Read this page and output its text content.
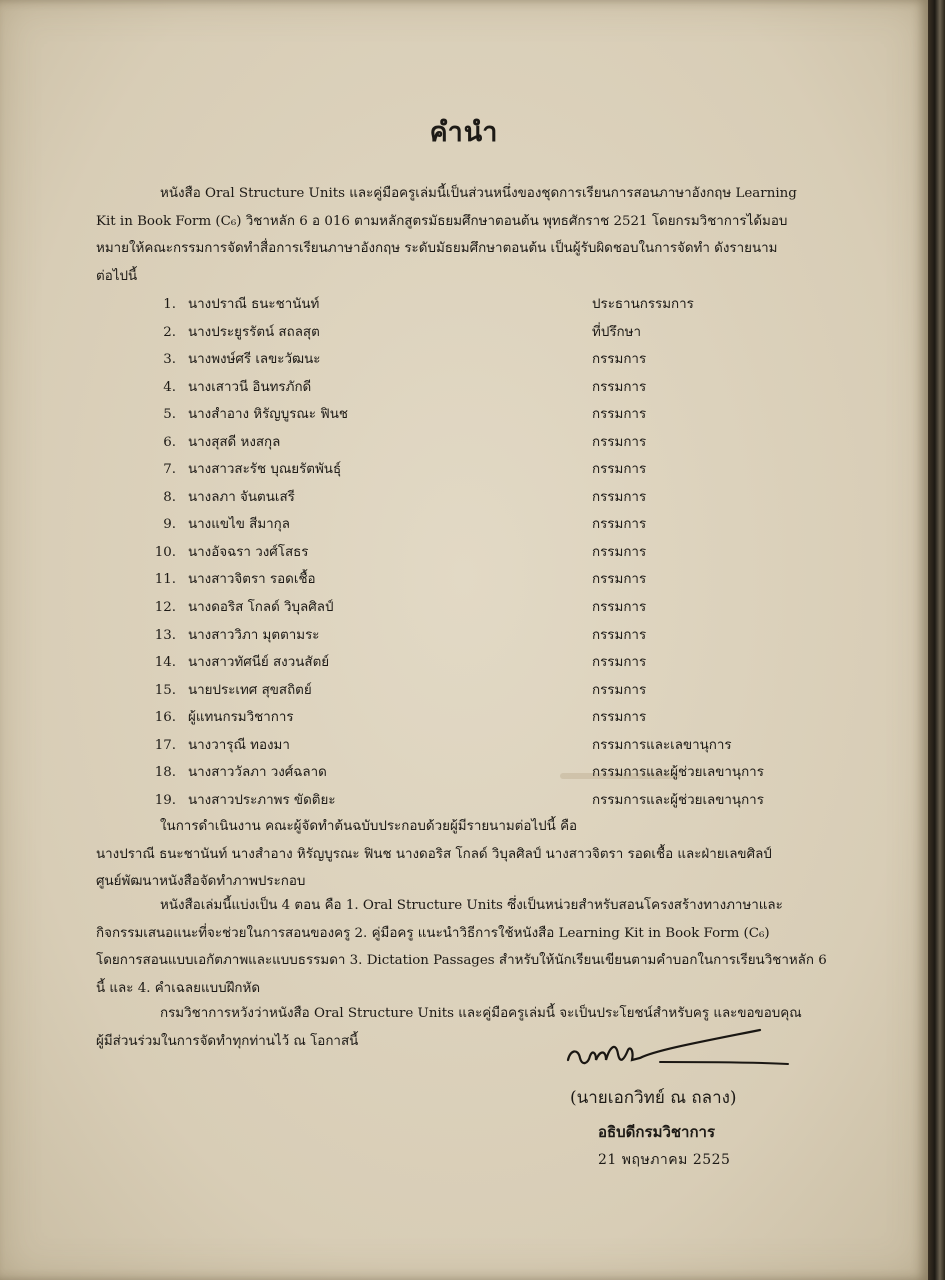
คำนำ
หนังสือ Oral Structure Units และคู่มือครูเล่มนี้เป็นส่วนหนึ่งของชุดการเรียนการสอนภาษาอังกฤษ Learning
Kit in Book Form (C₆) วิชาหลัก 6 อ 016 ตามหลักสูตรมัธยมศึกษาตอนต้น พุทธศักราช 2521 โดยกรมวิชาการได้มอบ
หมายให้คณะกรรมการจัดทำสื่อการเรียนภาษาอังกฤษ ระดับมัธยมศึกษาตอนต้น เป็นผู้รับผิดชอบในการจัดทำ ดังรายนาม
ต่อไปนี้
1. นางปราณี ธนะชานันท์	ประธานกรรมการ
2. นางประยูรรัตน์ สถลสุต	ที่ปรึกษา
3. นางพงษ์ศรี เลขะวัฒนะ	กรรมการ
4. นางเสาวนี อินทรภักดี	กรรมการ
5. นางสำอาง หิรัญบูรณะ ฟินช	กรรมการ
6. นางสุสดี หงสกุล	กรรมการ
7. นางสาวสะรัช บุณยรัตพันธุ์	กรรมการ
8. นางลภา จันตนเสรี	กรรมการ
9. นางแขไข สีมากุล	กรรมการ
10. นางอัจฉรา วงศ์โสธร	กรรมการ
11. นางสาวจิตรา รอดเชื้อ	กรรมการ
12. นางดอริส โกลด์ วิบุลศิลป์	กรรมการ
13. นางสาววิภา มุตตามระ	กรรมการ
14. นางสาวทัศนีย์ สงวนสัตย์	กรรมการ
15. นายประเทศ สุขสถิตย์	กรรมการ
16. ผู้แทนกรมวิชาการ	กรรมการ
17. นางวารุณี ทองมา	กรรมการและเลขานุการ
18. นางสาววัลภา วงศ์ฉลาด	กรรมการและผู้ช่วยเลขานุการ
19. นางสาวประภาพร ขัดติยะ	กรรมการและผู้ช่วยเลขานุการ
ในการดำเนินงาน คณะผู้จัดทำต้นฉบับประกอบด้วยผู้มีรายนามต่อไปนี้ คือ
นางปราณี ธนะชานันท์ นางสำอาง หิรัญบูรณะ ฟินช นางดอริส โกลด์ วิบุลศิลป์ นางสาวจิตรา รอดเชื้อ และฝ่ายเลขศิลป์
ศูนย์พัฒนาหนังสือจัดทำภาพประกอบ
หนังสือเล่มนี้แบ่งเป็น 4 ตอน คือ 1. Oral Structure Units ซึ่งเป็นหน่วยสำหรับสอนโครงสร้างทางภาษาและ
กิจกรรมเสนอแนะที่จะช่วยในการสอนของครู 2. คู่มือครู แนะนำวิธีการใช้หนังสือ Learning Kit in Book Form (C₆)
โดยการสอนแบบเอกัตภาพและแบบธรรมดา 3. Dictation Passages สำหรับให้นักเรียนเขียนตามคำบอกในการเรียนวิชาหลัก 6
นี้ และ 4. คำเฉลยแบบฝึกหัด
กรมวิชาการหวังว่าหนังสือ Oral Structure Units และคู่มือครูเล่มนี้ จะเป็นประโยชน์สำหรับครู และขอขอบคุณ
ผู้มีส่วนร่วมในการจัดทำทุกท่านไว้ ณ โอกาสนี้
(นายเอกวิทย์ ณ ถลาง)
อธิบดีกรมวิชาการ
21 พฤษภาคม 2525
